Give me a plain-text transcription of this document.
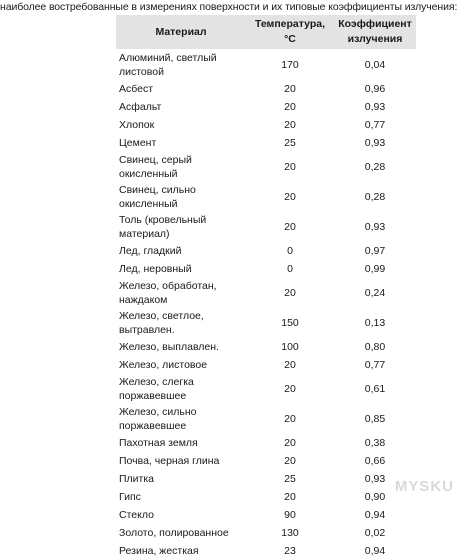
наиболее востребованные в измерениях поверхности и их типовые коэффициенты излучения:
Материал	Температура, °С	Коэффициент излучения
Алюминий, светлый листовой	170	0,04
Асбест	20	0,96
Асфальт	20	0,93
Хлопок	20	0,77
Цемент	25	0,93
Свинец, серый окисленный	20	0,28
Свинец, сильно окисленный	20	0,28
Толь (кровельный материал)	20	0,93
Лед, гладкий	0	0,97
Лед, неровный	0	0,99
Железо, обработан, наждаком	20	0,24
Железо, светлое, вытравлен.	150	0,13
Железо, выплавлен.	100	0,80
Железо, листовое	20	0,77
Железо, слегка поржавевшее	20	0,61
Железо, сильно поржавевшее	20	0,85
Пахотная земля	20	0,38
Почва, черная глина	20	0,66
Плитка	25	0,93
Гипс	20	0,90
Стекло	90	0,94
Золото, полированное	130	0,02
Резина, жесткая	23	0,94
MYSKU
